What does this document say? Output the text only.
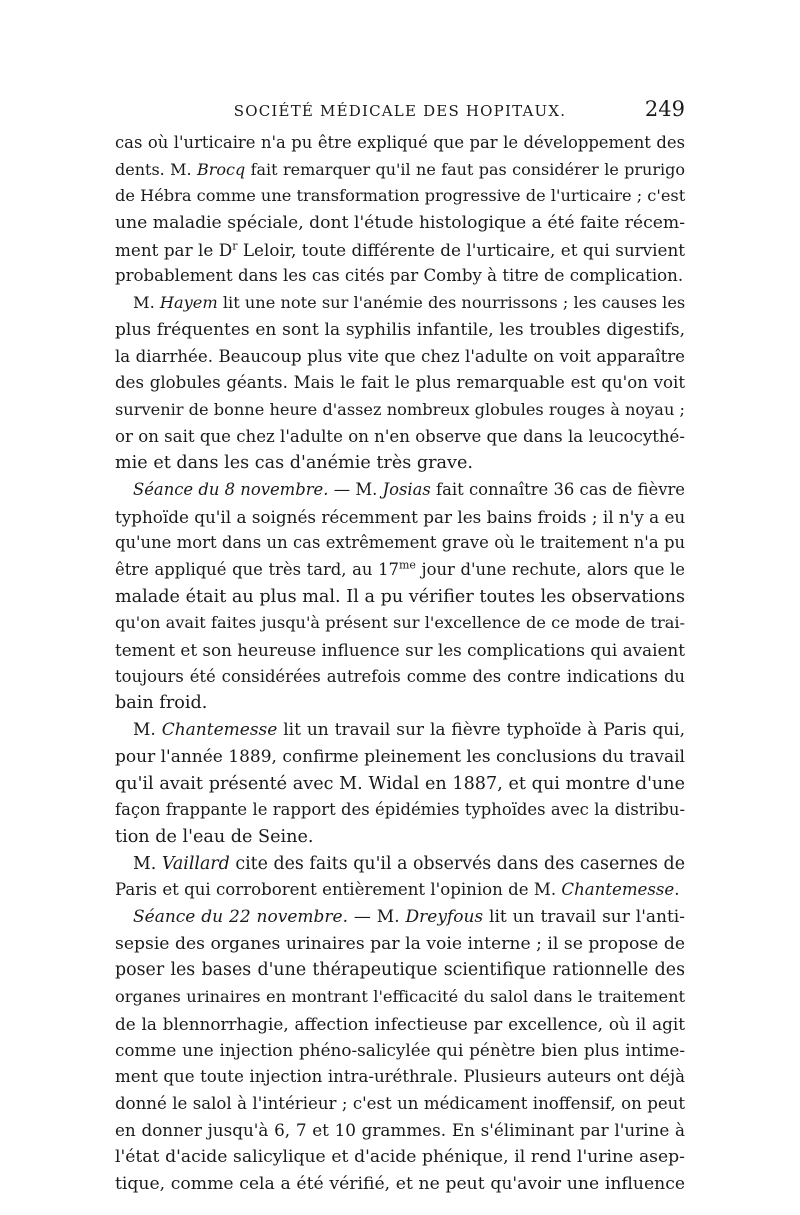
SOCIÉTÉ MÉDICALE DES HOPITAUX.	249
cas où l'urticaire n'a pu être expliqué que par le développement des
dents. M. Brocq fait remarquer qu'il ne faut pas considérer le prurigo
de Hébra comme une transformation progressive de l'urticaire ; c'est
une maladie spéciale, dont l'étude histologique a été faite récem-
ment par le $D^r$ Leloir, toute différente de l'urticaire, et qui survient
probablement dans les cas cités par Comby à titre de complication.
M. Hayem lit une note sur l'anémie des nourrissons ; les causes les
plus fréquentes en sont la syphilis infantile, les troubles digestifs,
la diarrhée. Beaucoup plus vite que chez l'adulte on voit apparaître
des globules géants. Mais le fait le plus remarquable est qu'on voit
survenir de bonne heure d'assez nombreux globules rouges à noyau ;
or on sait que chez l'adulte on n'en observe que dans la leucocythé-
mie et dans les cas d'anémie très grave.
Séance du 8 novembre. — M. Josias fait connaître 36 cas de fièvre
typhoïde qu'il a soignés récemment par les bains froids ; il n'y a eu
qu'une mort dans un cas extrêmement grave où le traitement n'a pu
être appliqué que très tard, au $17^{me}$ jour d'une rechute, alors que le
malade était au plus mal. Il a pu vérifier toutes les observations
qu'on avait faites jusqu'à présent sur l'excellence de ce mode de trai-
tement et son heureuse influence sur les complications qui avaient
toujours été considérées autrefois comme des contre indications du
bain froid.
M. Chantemesse lit un travail sur la fièvre typhoïde à Paris qui,
pour l'année 1889, confirme pleinement les conclusions du travail
qu'il avait présenté avec M. Widal en 1887, et qui montre d'une
façon frappante le rapport des épidémies typhoïdes avec la distribu-
tion de l'eau de Seine.
M. Vaillard cite des faits qu'il a observés dans des casernes de
Paris et qui corroborent entièrement l'opinion de M. Chantemesse.
Séance du 22 novembre. — M. Dreyfous lit un travail sur l'anti-
sepsie des organes urinaires par la voie interne ; il se propose de
poser les bases d'une thérapeutique scientifique rationnelle des
organes urinaires en montrant l'efficacité du salol dans le traitement
de la blennorrhagie, affection infectieuse par excellence, où il agit
comme une injection phéno-salicylée qui pénètre bien plus intime-
ment que toute injection intra-uréthrale. Plusieurs auteurs ont déjà
donné le salol à l'intérieur ; c'est un médicament inoffensif, on peut
en donner jusqu'à 6, 7 et 10 grammes. En s'éliminant par l'urine à
l'état d'acide salicylique et d'acide phénique, il rend l'urine asep-
tique, comme cela a été vérifié, et ne peut qu'avoir une influence
